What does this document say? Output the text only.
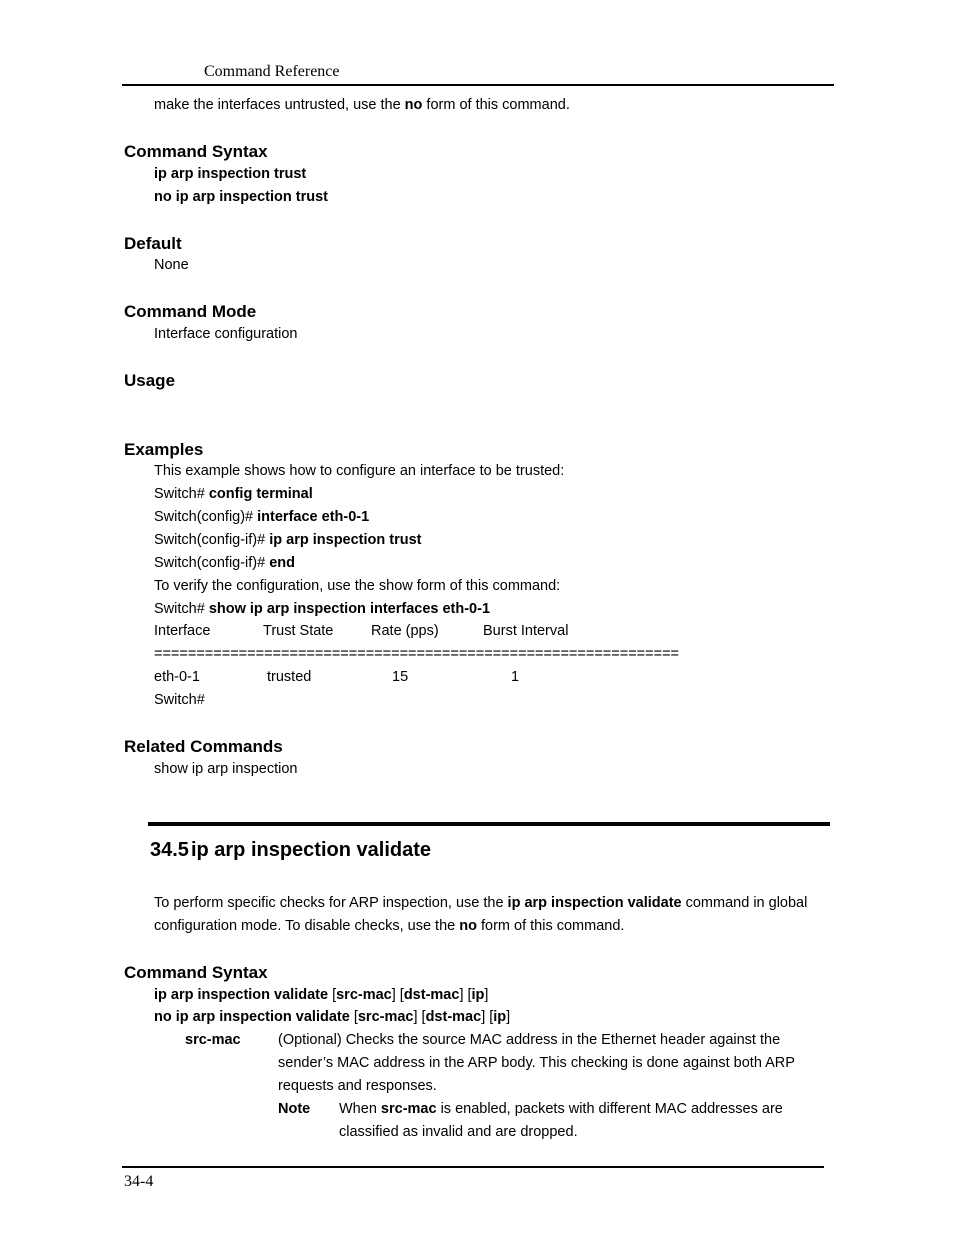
Command Reference
make the interfaces untrusted, use the no form of this command.
Command Syntax
ip arp inspection trust
no ip arp inspection trust
Default
None
Command Mode
Interface configuration
Usage
Examples
This example shows how to configure an interface to be trusted:
Switch# config terminal
Switch(config)# interface eth-0-1
Switch(config-if)# ip arp inspection trust
Switch(config-if)# end
To verify the configuration, use the show form of this command:
Switch# show ip arp inspection interfaces eth-0-1
Interface	Trust State	Rate (pps)	Burst Interval
==============================================================
eth-0-1	trusted	15	1
Switch#
Related Commands
show ip arp inspection
34.5 ip arp inspection validate
To perform specific checks for ARP inspection, use the ip arp inspection validate command in global
configuration mode. To disable checks, use the no form of this command.
Command Syntax
ip arp inspection validate [src-mac] [dst-mac] [ip]
no ip arp inspection validate [src-mac] [dst-mac] [ip]
src-mac	(Optional) Checks the source MAC address in the Ethernet header against the
sender’s MAC address in the ARP body. This checking is done against both ARP
requests and responses.
Note When src-mac is enabled, packets with different MAC addresses are
classified as invalid and are dropped.
34-4
